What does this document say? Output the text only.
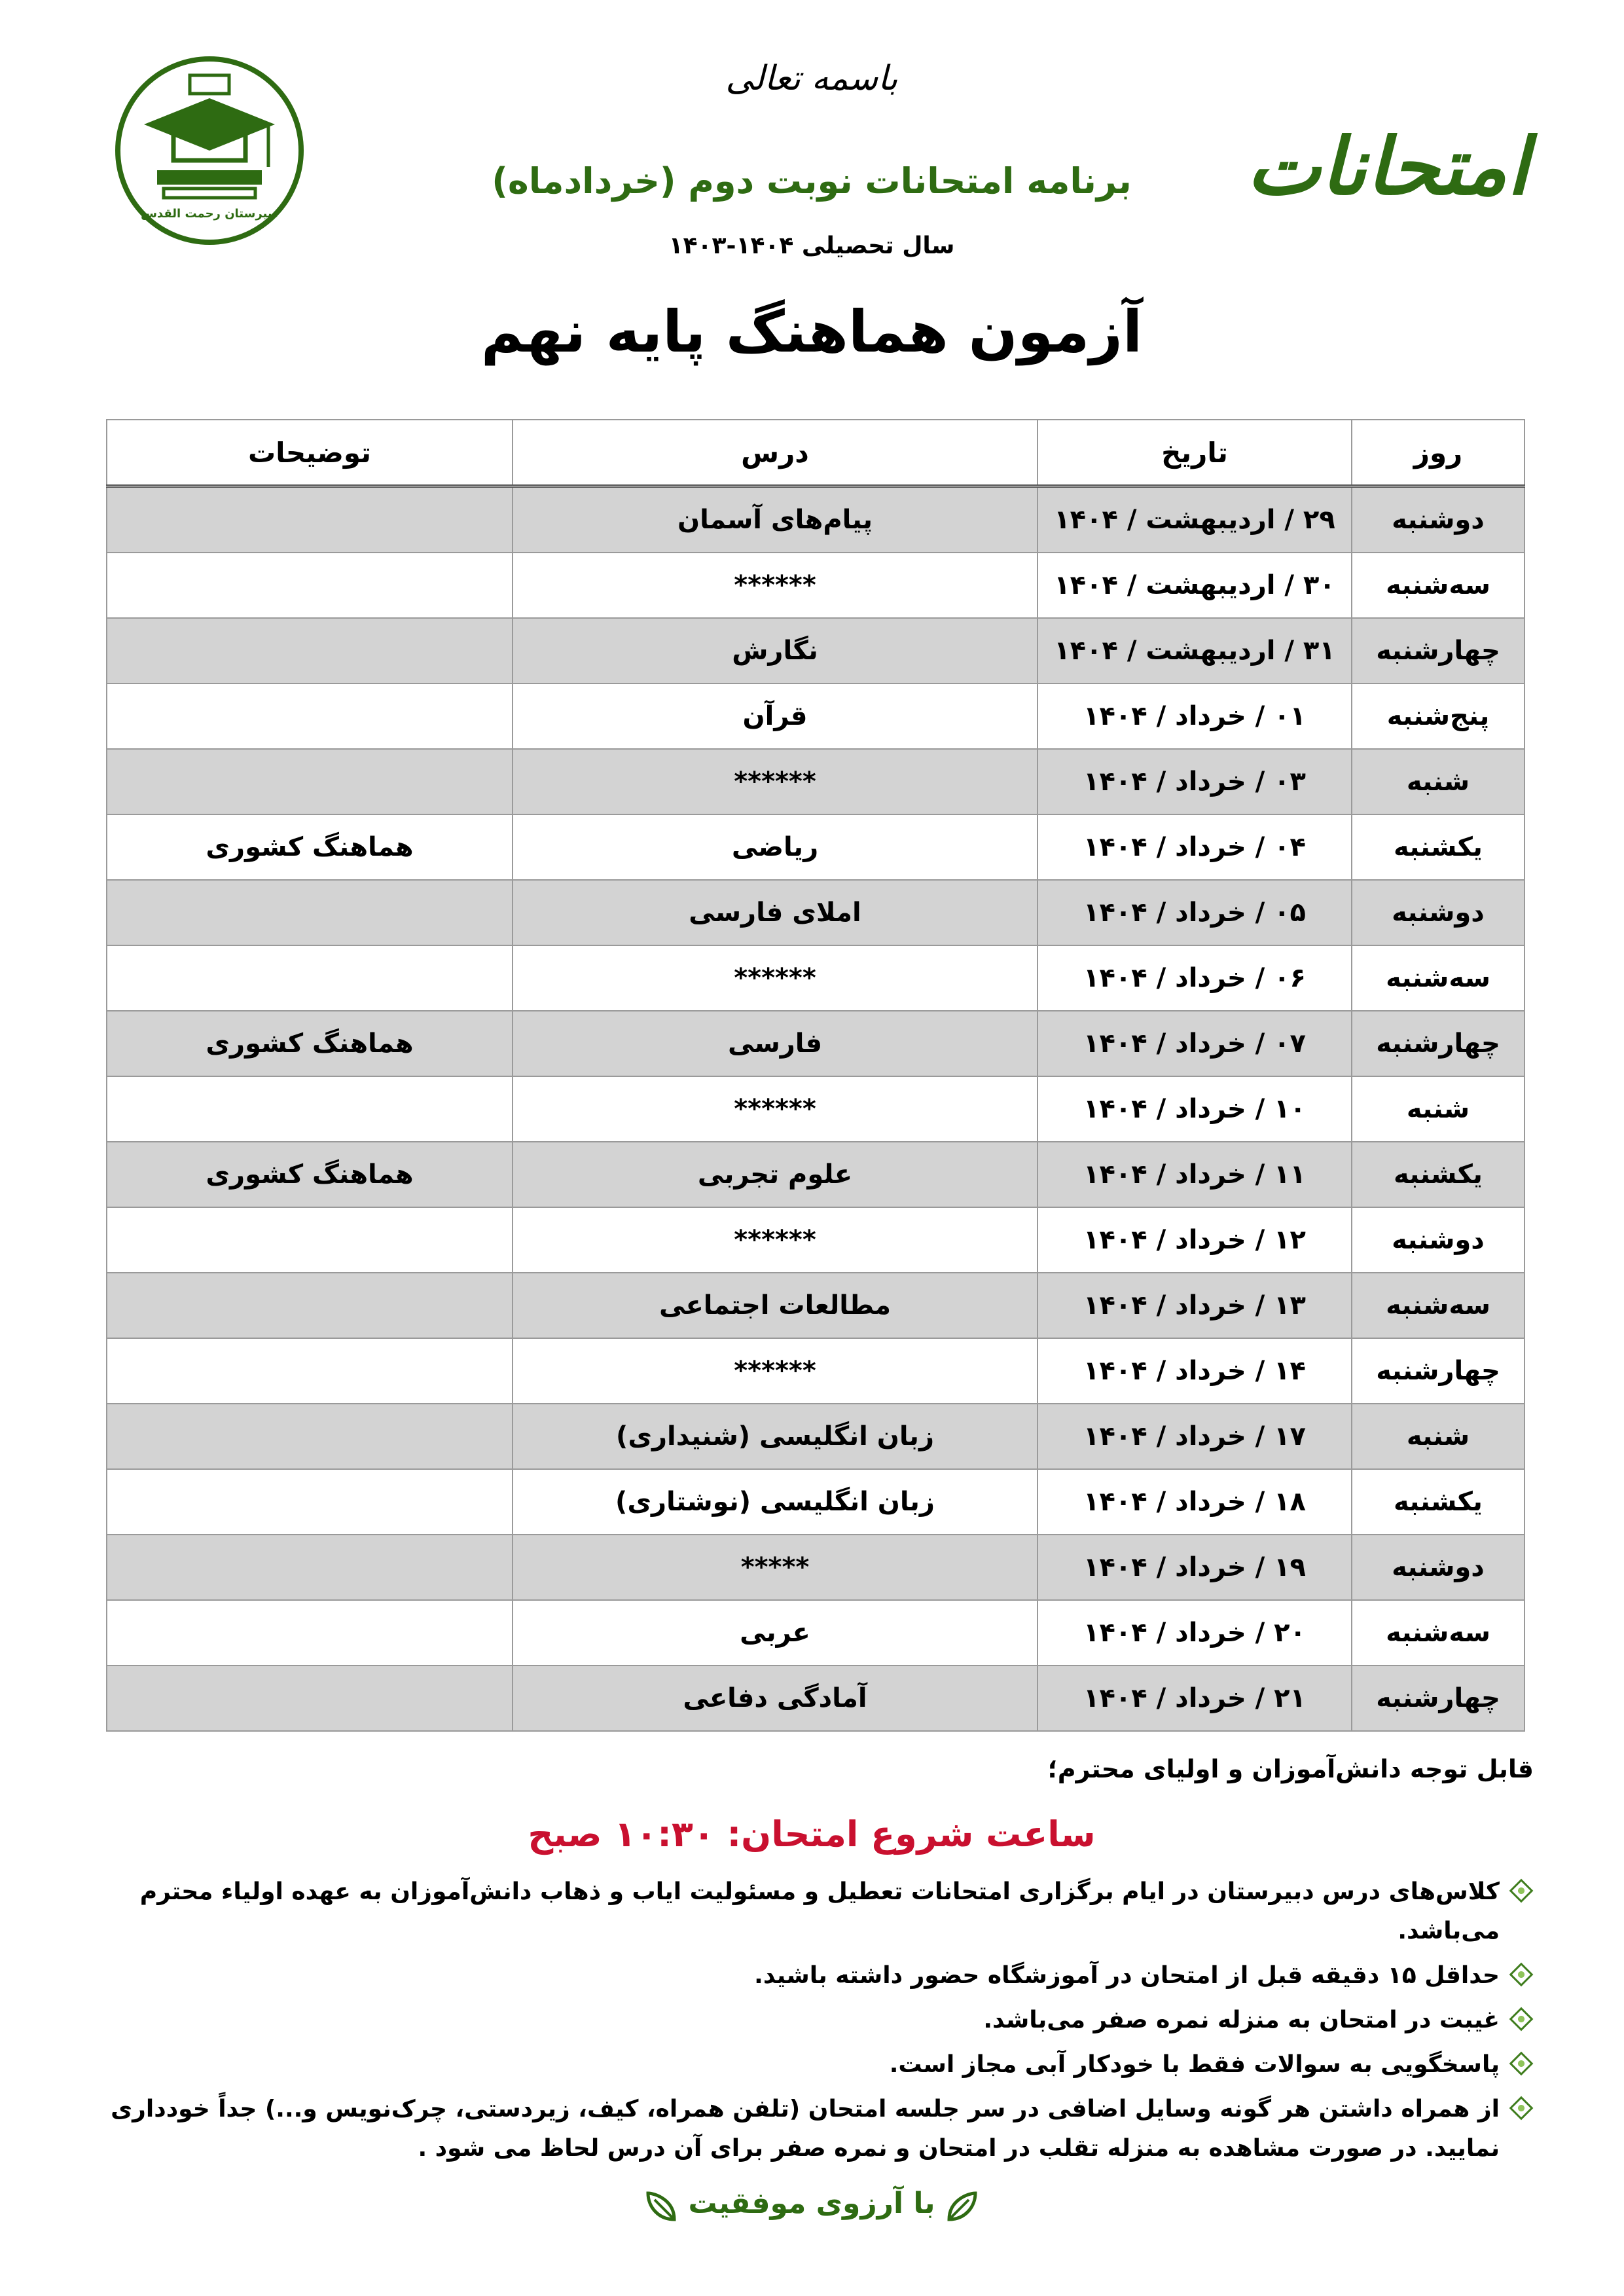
دبیرستان رحمت القدس
امتحانات
باسمه تعالی
برنامه امتحانات نوبت دوم (خردادماه)
سال تحصیلی ۱۴۰۴-۱۴۰۳
آزمون هماهنگ پایه نهم
روز	تاریخ	درس	توضیحات
دوشنبه	۲۹ / اردیبهشت / ۱۴۰۴	پیام‌های آسمان	
سه‌شنبه	۳۰ / اردیبهشت / ۱۴۰۴	******	
چهارشنبه	۳۱ / اردیبهشت / ۱۴۰۴	نگارش	
پنج‌شنبه	۰۱ / خرداد / ۱۴۰۴	قرآن	
شنبه	۰۳ / خرداد / ۱۴۰۴	******	
یکشنبه	۰۴ / خرداد / ۱۴۰۴	ریاضی	هماهنگ کشوری
دوشنبه	۰۵ / خرداد / ۱۴۰۴	املای فارسی	
سه‌شنبه	۰۶ / خرداد / ۱۴۰۴	******	
چهارشنبه	۰۷ / خرداد / ۱۴۰۴	فارسی	هماهنگ کشوری
شنبه	۱۰ / خرداد / ۱۴۰۴	******	
یکشنبه	۱۱ / خرداد / ۱۴۰۴	علوم تجربی	هماهنگ کشوری
دوشنبه	۱۲ / خرداد / ۱۴۰۴	******	
سه‌شنبه	۱۳ / خرداد / ۱۴۰۴	مطالعات اجتماعی	
چهارشنبه	۱۴ / خرداد / ۱۴۰۴	******	
شنبه	۱۷ / خرداد / ۱۴۰۴	زبان انگلیسی (شنیداری)	
یکشنبه	۱۸ / خرداد / ۱۴۰۴	زبان انگلیسی (نوشتاری)	
دوشنبه	۱۹ / خرداد / ۱۴۰۴	*****	
سه‌شنبه	۲۰ / خرداد / ۱۴۰۴	عربی	
چهارشنبه	۲۱ / خرداد / ۱۴۰۴	آمادگی دفاعی	
قابل توجه دانش‌آموزان و اولیای محترم؛
ساعت شروع امتحان: ۱۰:۳۰ صبح
کلاس‌های درس دبیرستان در ایام برگزاری امتحانات تعطیل و مسئولیت ایاب و ذهاب دانش‌آموزان به عهده اولیاء محترم می‌باشد.
حداقل ۱۵ دقیقه قبل از امتحان در آموزشگاه حضور داشته باشید.
غیبت در امتحان به منزله نمره صفر می‌باشد.
پاسخگویی به سوالات فقط با خودکار آبی مجاز است.
از همراه داشتن هر گونه وسایل اضافی در سر جلسه امتحان (تلفن همراه، کیف، زیردستی، چرک‌نویس و...) جداً خودداری نمایید. در صورت مشاهده به منزله تقلب در امتحان و نمره صفر برای آن درس لحاظ می شود .
با آرزوی موفقیت
